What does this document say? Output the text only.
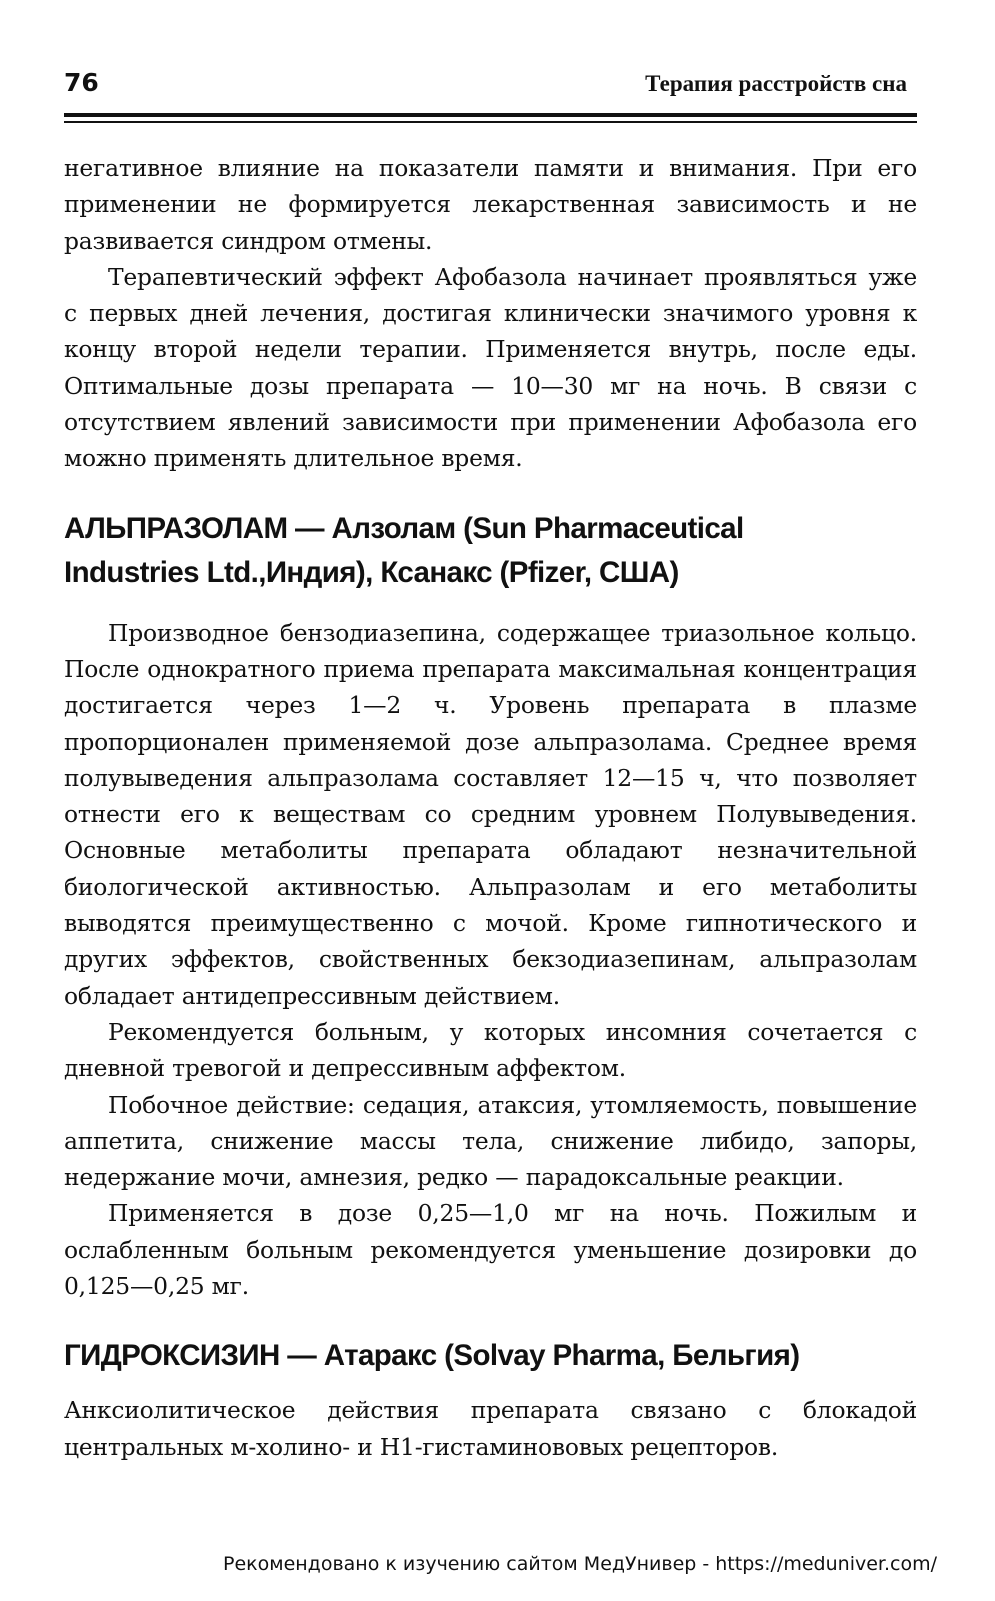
76	Терапия расстройств сна

негативное влияние на показатели памяти и внимания. При его применении не формируется лекарственная зависимость и не развивается синдром отмены.

Терапевтический эффект Афобазола начинает проявляться уже с первых дней лечения, достигая клинически значимого уровня к концу второй недели терапии. Применяется внутрь, после еды. Оптимальные дозы препарата — 10—30 мг на ночь. В связи с отсутствием явлений зависимости при применении Афобазола его можно применять длительное время.

АЛЬПРАЗОЛАМ — Алзолам (Sun Pharmaceutical
Industries Ltd.,Индия), Ксанакс (Pfizer, США)

Производное бензодиазепина, содержащее триазольное кольцо. После однократного приема препарата максимальная концентрация достигается через 1—2 ч. Уровень препарата в плазме пропорционален применяемой дозе альпразолама. Среднее время полувыведения альпразолама составляет 12—15 ч, что позволяет отнести его к веществам со средним уровнем Полувыведения. Основные метаболиты препарата обладают незначительной биологической активностью. Альпразолам и его метаболиты выводятся преимущественно с мочой. Кроме гипнотического и других эффектов, свойственных бекзодиазепинам, альпразолам обладает антидепрессивным действием.

Рекомендуется больным, у которых инсомния сочетается с дневной тревогой и депрессивным аффектом.

Побочное действие: седация, атаксия, утомляемость, повышение аппетита, снижение массы тела, снижение либидо, запоры, недержание мочи, амнезия, редко — парадоксальные реакции.

Применяется в дозе 0,25—1,0 мг на ночь. Пожилым и ослабленным больным рекомендуется уменьшение дозировки до 0,125—0,25 мг.

ГИДРОКСИЗИН — Атаракс (Solvay Pharma, Бельгия)

Анксиолитическое действия препарата связано с блокадой центральных м-холино- и Н1-гистаминововых рецепторов.

Рекомендовано к изучению сайтом МедУнивер - https://meduniver.com/
